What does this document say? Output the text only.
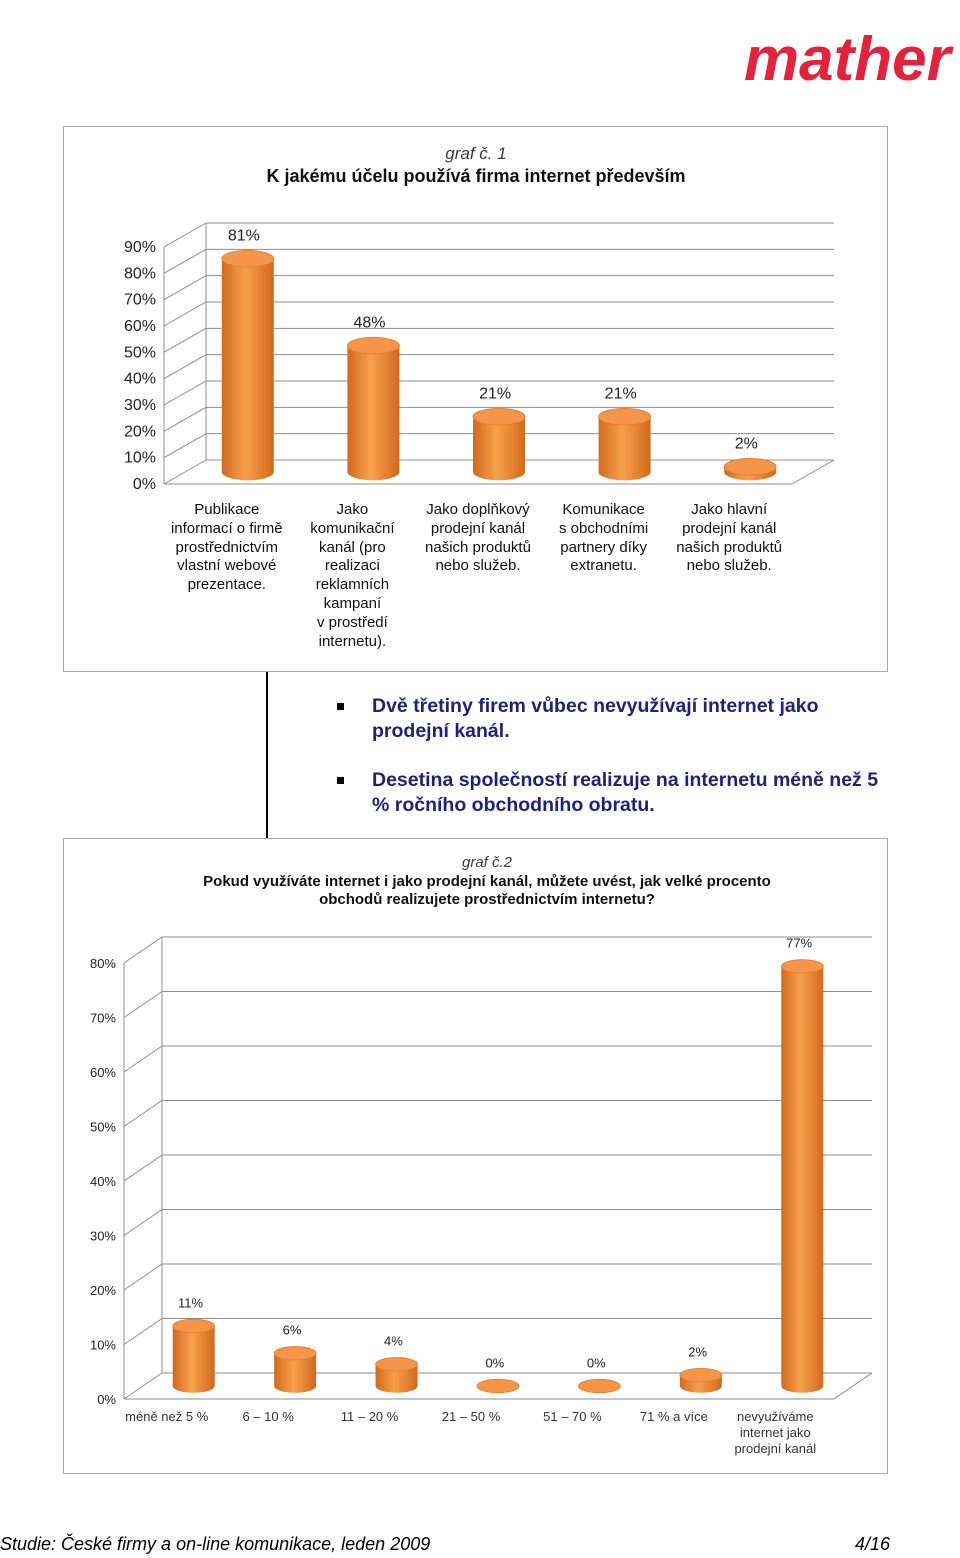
mather
graf č. 1
K jakému účelu používá firma internet především
0%
10%
20%
30%
40%
50%
60%
70%
80%
90%
81%
48%
21%	21%
2%
Publikace
informací o firmě
prostřednictvím
vlastní webové
prezentace.
Jako
komunikační
kanál (pro
realizaci
reklamních
kampaní
v prostředí
internetu).
Jako doplňkový
prodejní kanál
našich produktů
nebo služeb.
Komunikace
s obchodními
partnery díky
extranetu.
Jako hlavní
prodejní kanál
našich produktů
nebo služeb.
Dvě třetiny firem vůbec nevyužívají internet jako prodejní kanál.
Desetina společností realizuje na internetu méně než 5 % ročního obchodního obratu.
graf č.2
Pokud využíváte internet i jako prodejní kanál, můžete uvést, jak velké procento
obchodů realizujete prostřednictvím internetu?
0%
10%
20%
30%
40%
50%
60%
70%
80%
11%
6%
4%
0%	0%
2%
77%
méně než 5 %	6 – 10 %	11 – 20 %	21 – 50 %	51 – 70 %	71 % a více	nevyužíváme
internet jako
prodejní kanál
Studie: České firmy a on-line komunikace, leden 2009	4/16
